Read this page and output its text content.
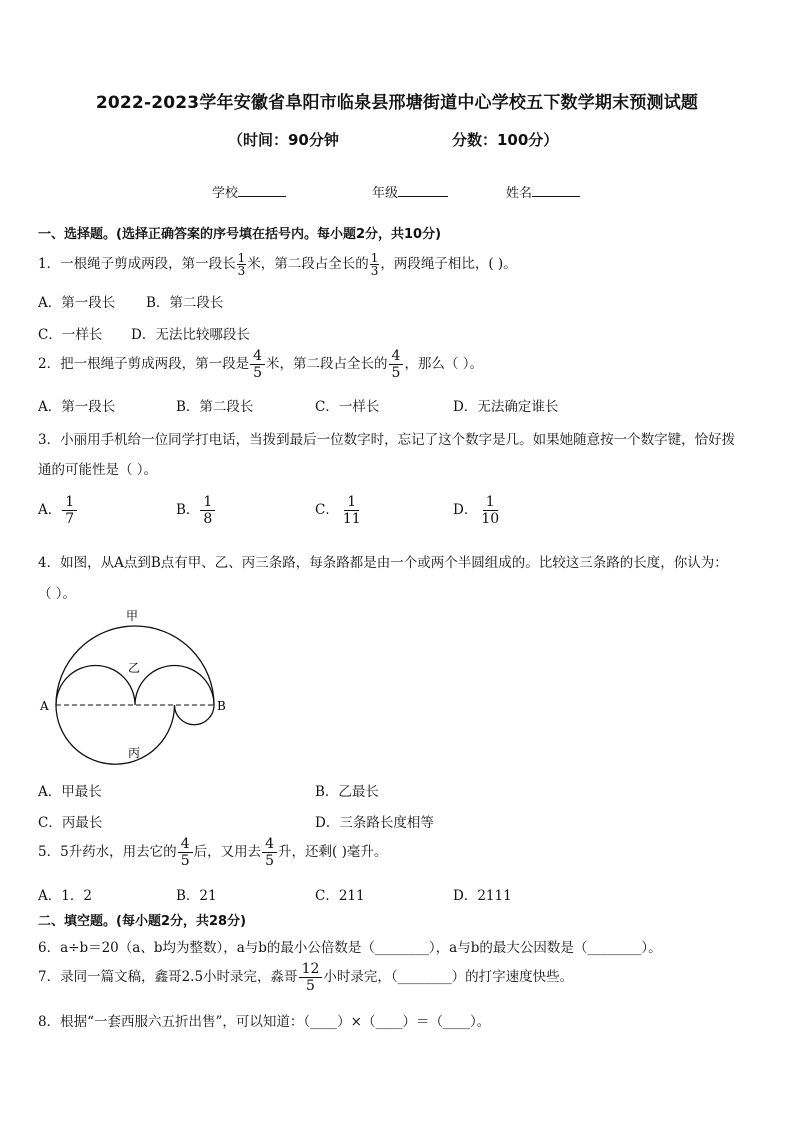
2022-2023学年安徽省阜阳市临泉县邢塘街道中心学校五下数学期末预测试题
（时间：90分钟	分数：100分）
学校	年级	姓名
一、选择题。(选择正确答案的序号填在括号内。每小题2分，共10分)
1．一根绳子剪成两段，第一段长 $\frac{1}{3}$ 米，第二段占全长的 $\frac{1}{3}$ ，两段绳子相比，( )。
A．第一段长 B．第二段长
C．一样长 D．无法比较哪段长
2．把一根绳子剪成两段，第一段是 $\frac{4}{5}$ 米，第二段占全长的 $\frac{4}{5}$ ，那么（ ）。
A．第一段长	B．第二段长	C．一样长	D．无法确定谁长
3．小丽用手机给一位同学打电话，当拨到最后一位数字时，忘记了这个数字是几。如果她随意按一个数字键，恰好拨
通的可能性是（ ）。
A． $\frac{1}{7}$	B． $\frac{1}{8}$	C． $\frac{1}{11}$	D． $\frac{1}{10}$
4．如图，从A点到B点有甲、乙、丙三条路，每条路都是由一个或两个半圆组成的。比较这三条路的长度，你认为：
（ ）。
甲
乙
丙
A	B
A．甲最长	B．乙最长
C．丙最长	D．三条路长度相等
5．5升药水，用去它的 $\frac{4}{5}$ 后，又用去 $\frac{4}{5}$ 升，还剩( )毫升。
A．1．2	B．21	C．211	D．2111
二、填空题。(每小题2分，共28分)
6．a÷b＝20（a、b均为整数），a与b的最小公倍数是（________），a与b的最大公因数是（________）。
7．录同一篇文稿，鑫哥2.5小时录完，淼哥 $\frac{12}{5}$ 小时录完，（________）的打字速度快些。
8．根据“一套西服六五折出售”，可以知道：（____）×（____）＝（____）。
